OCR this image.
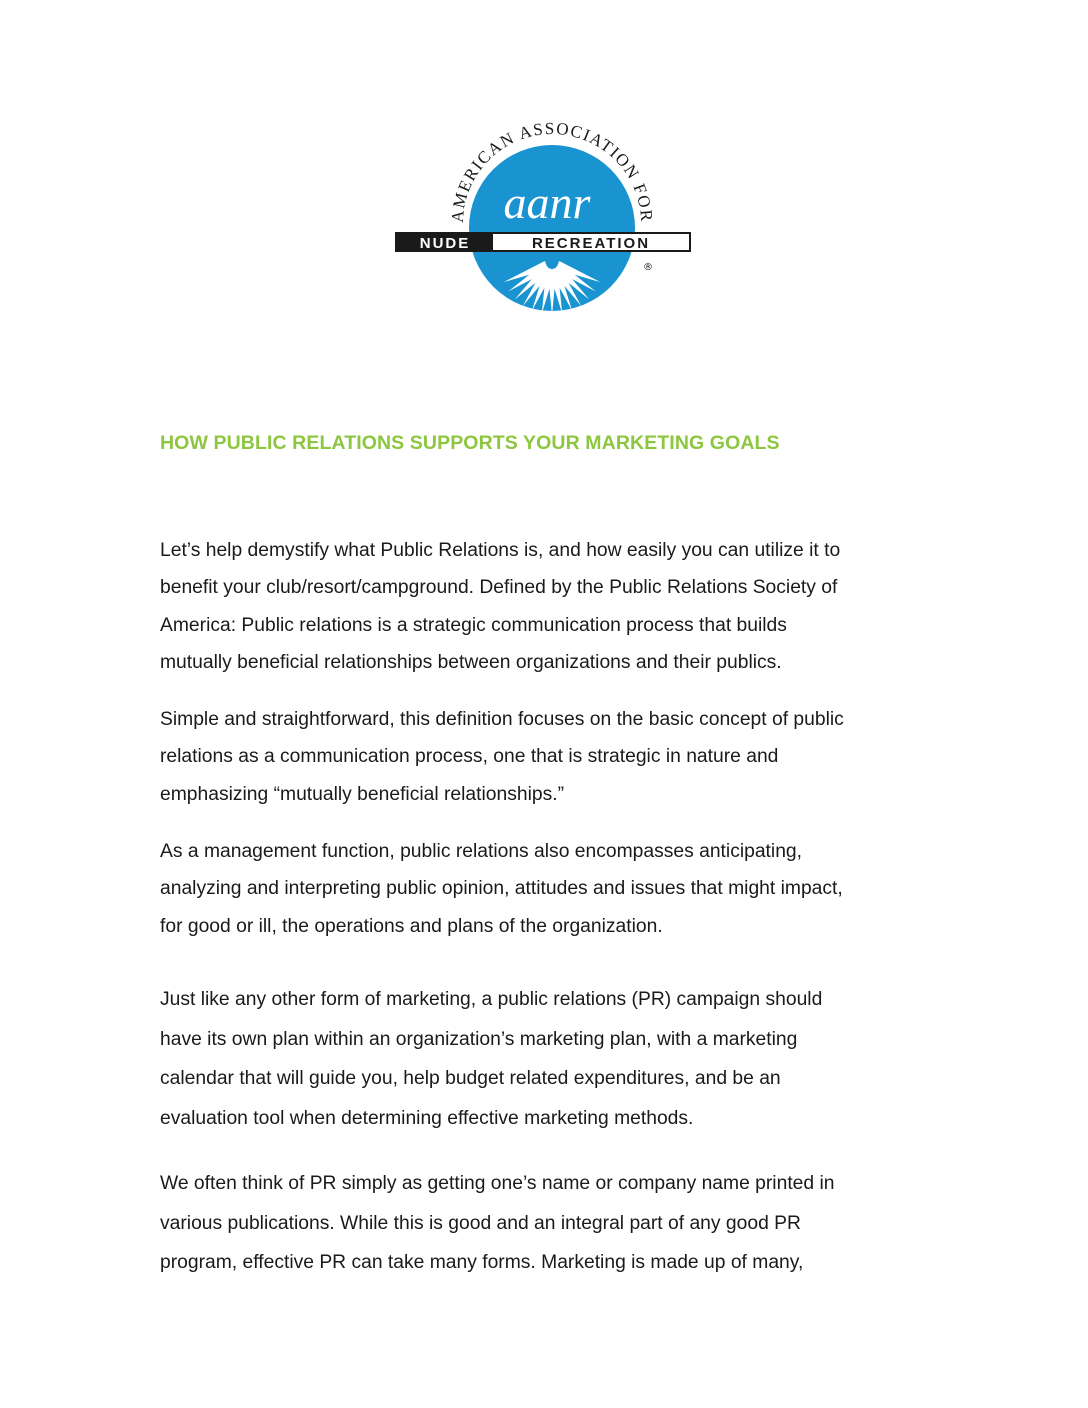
AMERICAN ASSOCIATION FOR
aanr
NUDE	RECREATION
®
HOW PUBLIC RELATIONS SUPPORTS YOUR MARKETING GOALS
Let’s help demystify what Public Relations is, and how easily you can utilize it to
benefit your club/resort/campground. Defined by the Public Relations Society of
America: Public relations is a strategic communication process that builds
mutually beneficial relationships between organizations and their publics.
Simple and straightforward, this definition focuses on the basic concept of public
relations as a communication process, one that is strategic in nature and
emphasizing “mutually beneficial relationships.”
As a management function, public relations also encompasses anticipating,
analyzing and interpreting public opinion, attitudes and issues that might impact,
for good or ill, the operations and plans of the organization.
Just like any other form of marketing, a public relations (PR) campaign should
have its own plan within an organization’s marketing plan, with a marketing
calendar that will guide you, help budget related expenditures, and be an
evaluation tool when determining effective marketing methods.
We often think of PR simply as getting one’s name or company name printed in
various publications. While this is good and an integral part of any good PR
program, effective PR can take many forms. Marketing is made up of many,
